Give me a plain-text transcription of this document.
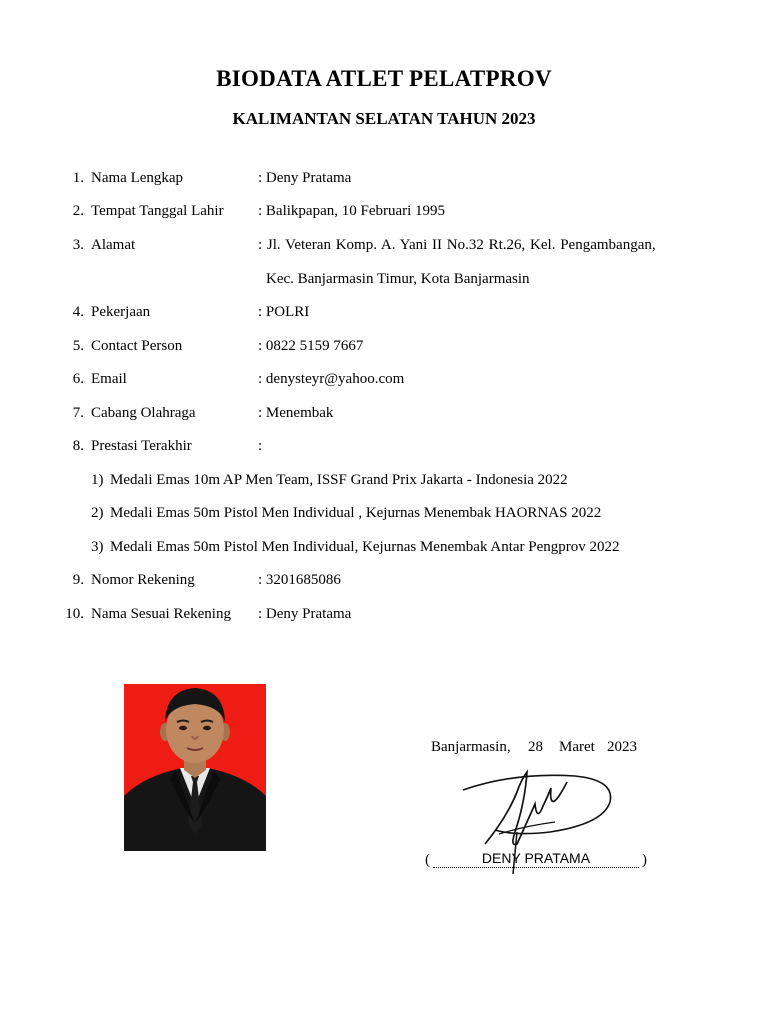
BIODATA ATLET PELATPROV
KALIMANTAN SELATAN TAHUN 2023
1. Nama Lengkap	: Deny Pratama
2. Tempat Tanggal Lahir : Balikpapan, 10 Februari 1995
3. Alamat	: Jl. Veteran Komp. A. Yani II No.32 Rt.26, Kel. Pengambangan,
Kec. Banjarmasin Timur, Kota Banjarmasin
4. Pekerjaan	: POLRI
5. Contact Person	: 0822 5159 7667
6. Email	: denysteyr@yahoo.com
7. Cabang Olahraga	: Menembak
8. Prestasi Terakhir	:
1) Medali Emas 10m AP Men Team, ISSF Grand Prix Jakarta - Indonesia 2022
2) Medali Emas 50m Pistol Men Individual , Kejurnas Menembak HAORNAS 2022
3) Medali Emas 50m Pistol Men Individual, Kejurnas Menembak Antar Pengprov 2022
9. Nomor Rekening	: 3201685086
10. Nama Sesuai Rekening : Deny Pratama
Banjarmasin, 28 Maret 2023
(	DENY PRATAMA	)
